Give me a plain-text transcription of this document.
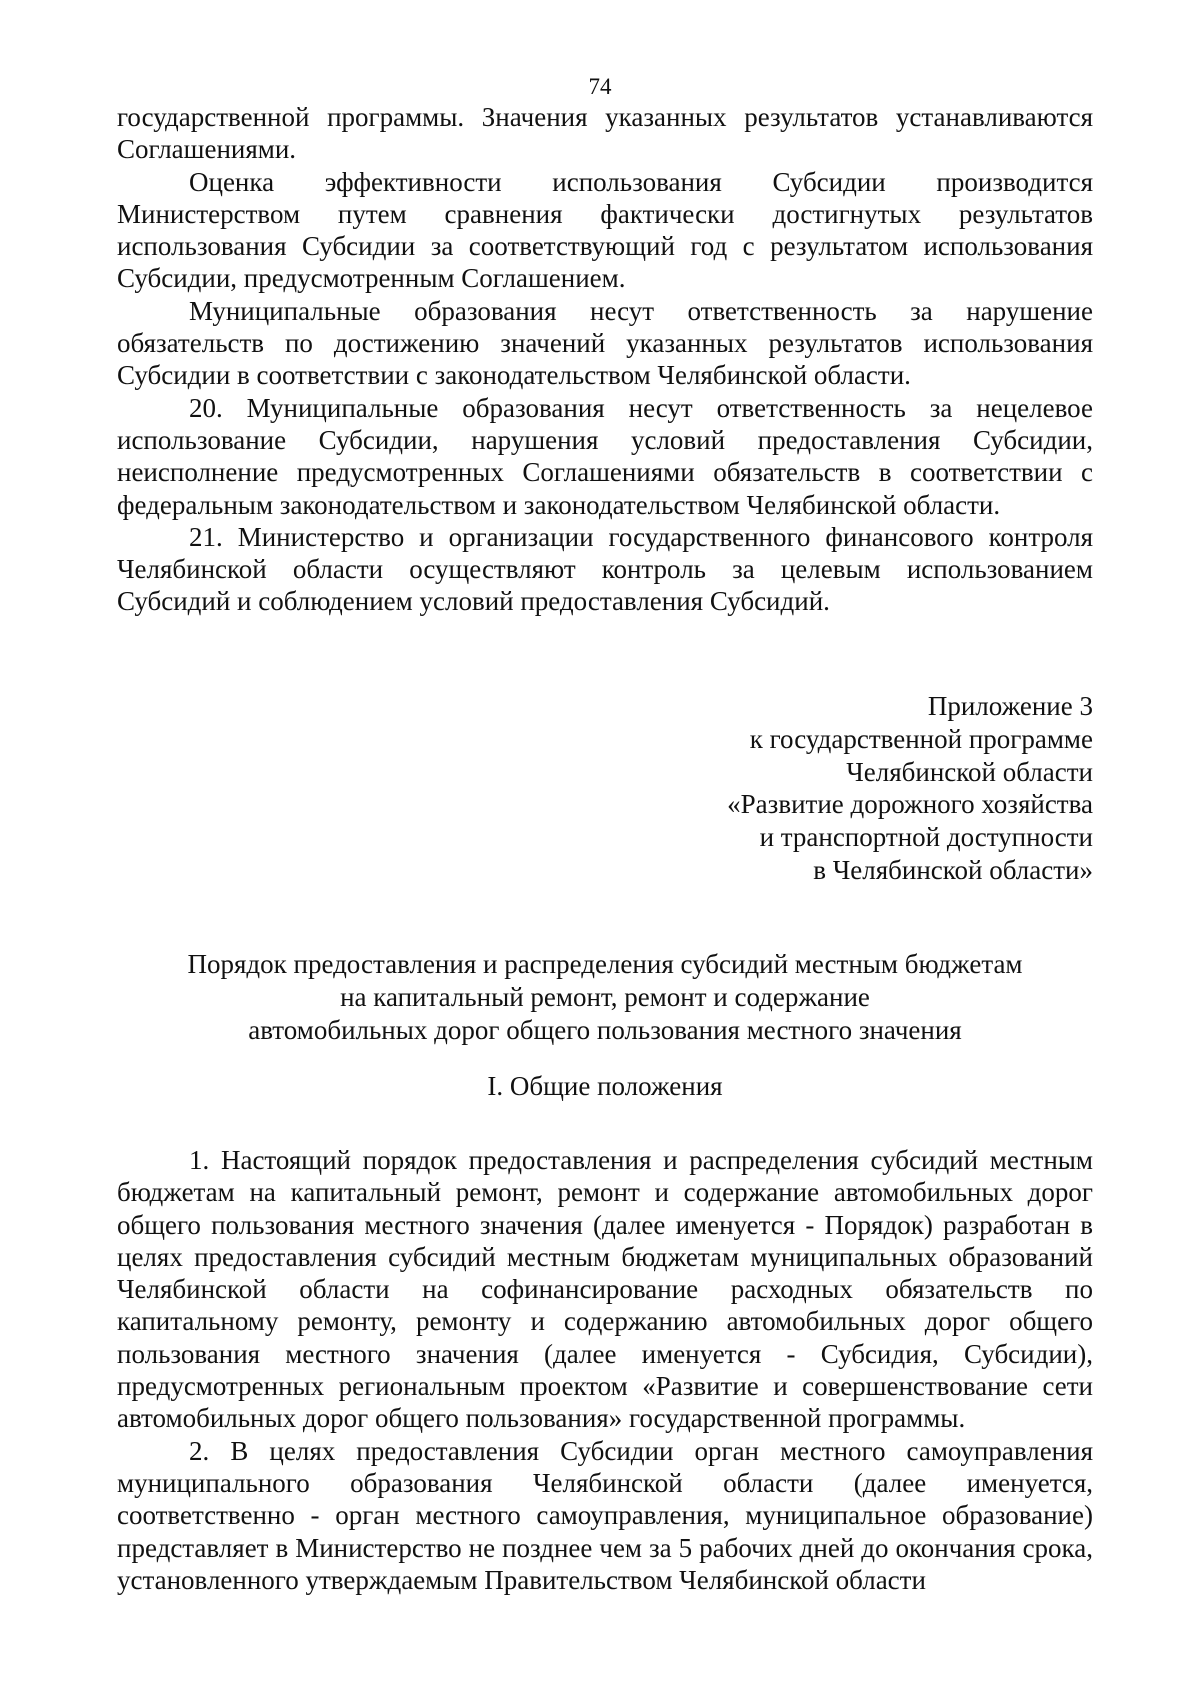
74

государственной программы. Значения указанных результатов устанавливаются Соглашениями.

Оценка эффективности использования Субсидии производится Министерством путем сравнения фактически достигнутых результатов использования Субсидии за соответствующий год с результатом использования Субсидии, предусмотренным Соглашением.

Муниципальные образования несут ответственность за нарушение обязательств по достижению значений указанных результатов использования Субсидии в соответствии с законодательством Челябинской области.

20. Муниципальные образования несут ответственность за нецелевое использование Субсидии, нарушения условий предоставления Субсидии, неисполнение предусмотренных Соглашениями обязательств в соответствии с федеральным законодательством и законодательством Челябинской области.

21. Министерство и организации государственного финансового контроля Челябинской области осуществляют контроль за целевым использованием Субсидий и соблюдением условий предоставления Субсидий.

Приложение 3
к государственной программе
Челябинской области
«Развитие дорожного хозяйства
и транспортной доступности
в Челябинской области»
Порядок предоставления и распределения субсидий местным бюджетам
на капитальный ремонт, ремонт и содержание
автомобильных дорог общего пользования местного значения
I. Общие положения

1. Настоящий порядок предоставления и распределения субсидий местным бюджетам на капитальный ремонт, ремонт и содержание автомобильных дорог общего пользования местного значения (далее именуется - Порядок) разработан в целях предоставления субсидий местным бюджетам муниципальных образований Челябинской области на софинансирование расходных обязательств по капитальному ремонту, ремонту и содержанию автомобильных дорог общего пользования местного значения (далее именуется - Субсидия, Субсидии), предусмотренных региональным проектом «Развитие и совершенствование сети автомобильных дорог общего пользования» государственной программы.

2. В целях предоставления Субсидии орган местного самоуправления муниципального образования Челябинской области (далее именуется, соответственно - орган местного самоуправления, муниципальное образование) представляет в Министерство не позднее чем за 5 рабочих дней до окончания срока, установленного утверждаемым Правительством Челябинской области
